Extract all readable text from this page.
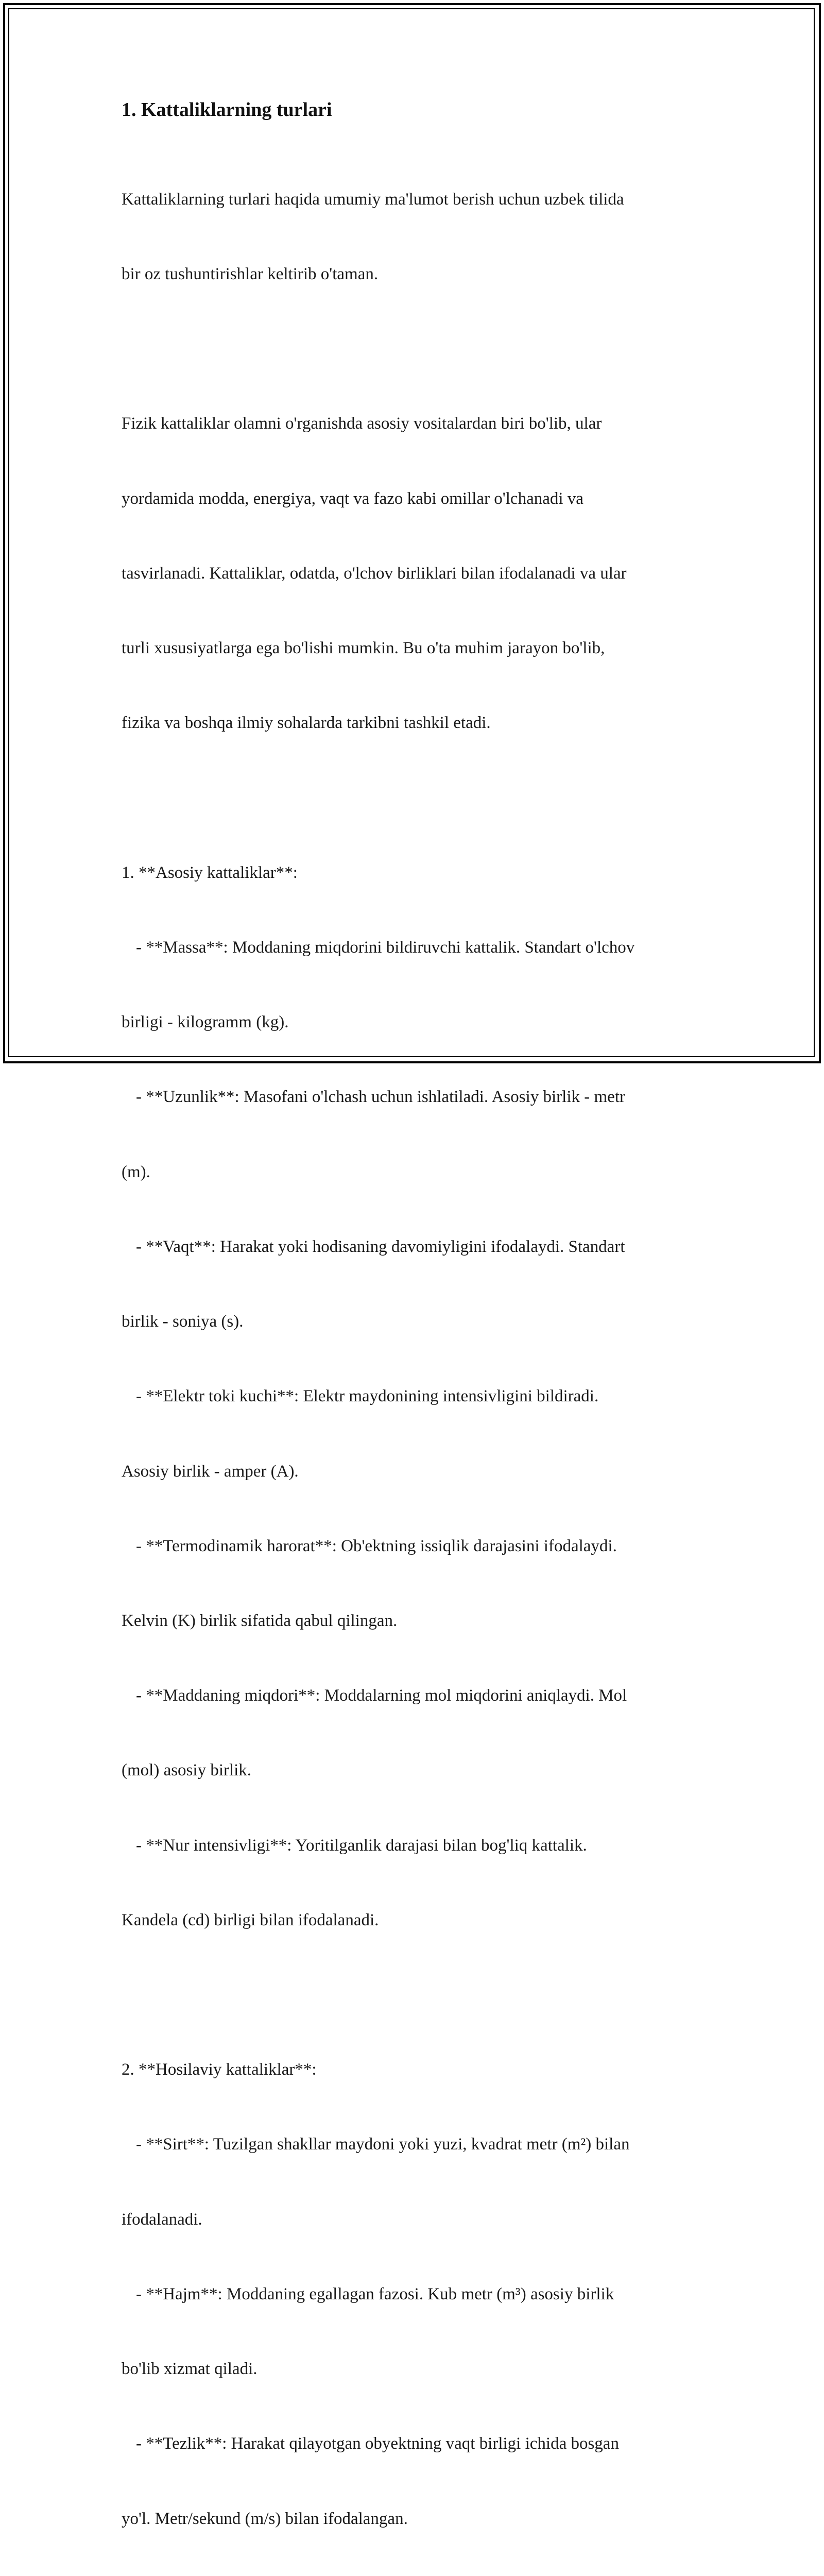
1. Kattaliklarning turlari

Kattaliklarning turlari haqida umumiy ma'lumot berish uchun uzbek tilida

bir oz tushuntirishlar keltirib o'taman.

Fizik kattaliklar olamni o'rganishda asosiy vositalardan biri bo'lib, ular

yordamida modda, energiya, vaqt va fazo kabi omillar o'lchanadi va

tasvirlanadi. Kattaliklar, odatda, o'lchov birliklari bilan ifodalanadi va ular

turli xususiyatlarga ega bo'lishi mumkin. Bu o'ta muhim jarayon bo'lib,

fizika va boshqa ilmiy sohalarda tarkibni tashkil etadi.

1. **Asosiy kattaliklar**:

- **Massa**: Moddaning miqdorini bildiruvchi kattalik. Standart o'lchov

birligi - kilogramm (kg).

- **Uzunlik**: Masofani o'lchash uchun ishlatiladi. Asosiy birlik - metr

(m).

- **Vaqt**: Harakat yoki hodisaning davomiyligini ifodalaydi. Standart

birlik - soniya (s).

- **Elektr toki kuchi**: Elektr maydonining intensivligini bildiradi.

Asosiy birlik - amper (A).

- **Termodinamik harorat**: Ob'ektning issiqlik darajasini ifodalaydi.

Kelvin (K) birlik sifatida qabul qilingan.

- **Maddaning miqdori**: Moddalarning mol miqdorini aniqlaydi. Mol

(mol) asosiy birlik.

- **Nur intensivligi**: Yoritilganlik darajasi bilan bog'liq kattalik.

Kandela (cd) birligi bilan ifodalanadi.

2. **Hosilaviy kattaliklar**:

- **Sirt**: Tuzilgan shakllar maydoni yoki yuzi, kvadrat metr (m²) bilan

ifodalanadi.

- **Hajm**: Moddaning egallagan fazosi. Kub metr (m³) asosiy birlik

bo'lib xizmat qiladi.

- **Tezlik**: Harakat qilayotgan obyektning vaqt birligi ichida bosgan

yo'l. Metr/sekund (m/s) bilan ifodalangan.
